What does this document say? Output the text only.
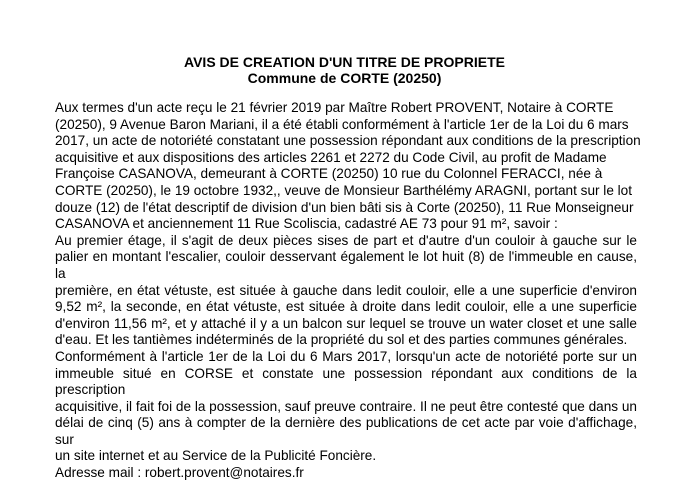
AVIS DE CREATION D'UN TITRE DE PROPRIETE
Commune de CORTE (20250)
Aux termes d'un acte reçu le 21 février 2019 par Maître Robert PROVENT, Notaire à CORTE
(20250), 9 Avenue Baron Mariani, il a été établi conformément à l'article 1er de la Loi du 6 mars
2017, un acte de notoriété constatant une possession répondant aux conditions de la prescription
acquisitive et aux dispositions des articles 2261 et 2272 du Code Civil, au profit de Madame
Françoise CASANOVA, demeurant à CORTE (20250) 10 rue du Colonnel FERACCI, née à
CORTE (20250), le 19 octobre 1932,, veuve de Monsieur Barthélémy ARAGNI, portant sur le lot
douze (12) de l'état descriptif de division d'un bien bâti sis à Corte (20250), 11 Rue Monseigneur
CASANOVA et anciennement 11 Rue Scoliscia, cadastré AE 73 pour 91 m², savoir :
Au premier étage, il s'agit de deux pièces sises de part et d'autre d'un couloir à gauche sur le
palier en montant l'escalier, couloir desservant également le lot huit (8) de l'immeuble en cause, la
première, en état vétuste, est située à gauche dans ledit couloir, elle a une superficie d'environ
9,52 m², la seconde, en état vétuste, est située à droite dans ledit couloir, elle a une superficie
d'environ 11,56 m², et y attaché il y a un balcon sur lequel se trouve un water closet et une salle
d'eau. Et les tantièmes indéterminés de la propriété du sol et des parties communes générales.
Conformément à l'article 1er de la Loi du 6 Mars 2017, lorsqu'un acte de notoriété porte sur un
immeuble situé en CORSE et constate une possession répondant aux conditions de la prescription
acquisitive, il fait foi de la possession, sauf preuve contraire. Il ne peut être contesté que dans un
délai de cinq (5) ans à compter de la dernière des publications de cet acte par voie d'affichage, sur
un site internet et au Service de la Publicité Foncière.
Adresse mail : robert.provent@notaires.fr
